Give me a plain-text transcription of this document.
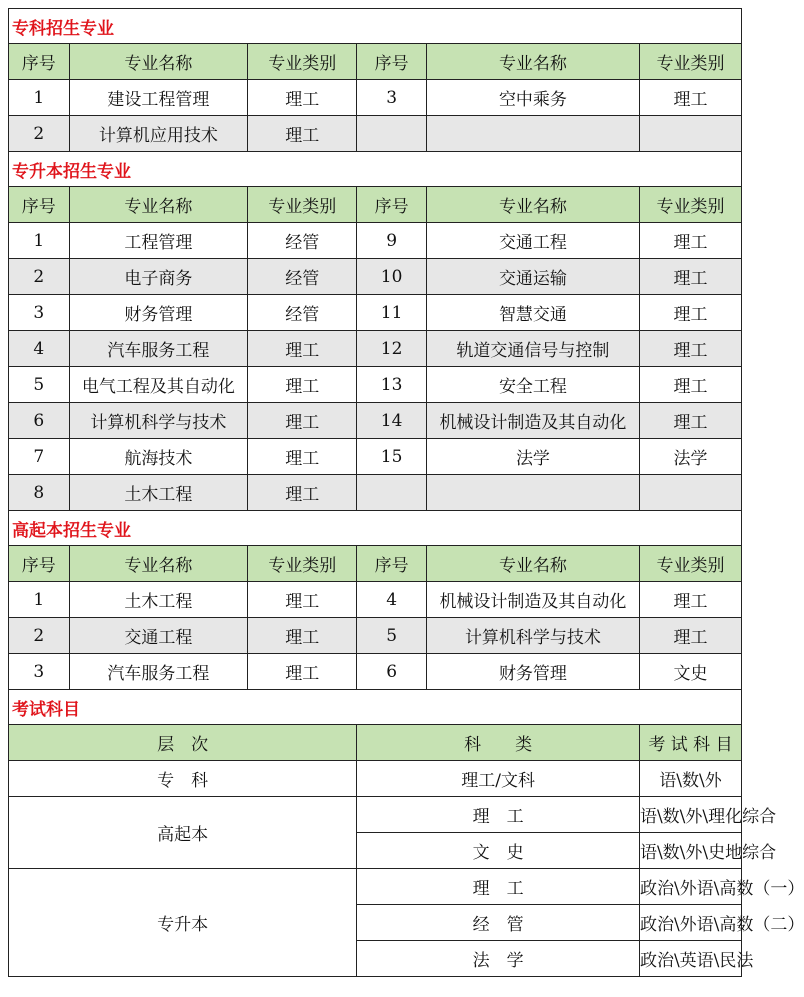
专科招生专业					
序号	专业名称	专业类别	序号	专业名称	专业类别
1	建设工程管理	理工	3	空中乘务	理工
2	计算机应用技术	理工			
专升本招生专业					
序号	专业名称	专业类别	序号	专业名称	专业类别
1	工程管理	经管	9	交通工程	理工
2	电子商务	经管	10	交通运输	理工
3	财务管理	经管	11	智慧交通	理工
4	汽车服务工程	理工	12	轨道交通信号与控制	理工
5	电气工程及其自动化	理工	13	安全工程	理工
6	计算机科学与技术	理工	14	机械设计制造及其自动化	理工
7	航海技术	理工	15	法学	法学
8	土木工程	理工			
高起本招生专业					
序号	专业名称	专业类别	序号	专业名称	专业类别
1	土木工程	理工	4	机械设计制造及其自动化	理工
2	交通工程	理工	5	计算机科学与技术	理工
3	汽车服务工程	理工	6	财务管理	文史
考试科目					
层　次			科　　类		考 试 科 目
专　科			理工/文科		语\数\外
高起本			理　工		语\数\外\理化综合
			文　史		语\数\外\史地综合
专升本			理　工		政治\外语\高数（一）
			经　管		政治\外语\高数（二）
			法　学		政治\英语\民法
